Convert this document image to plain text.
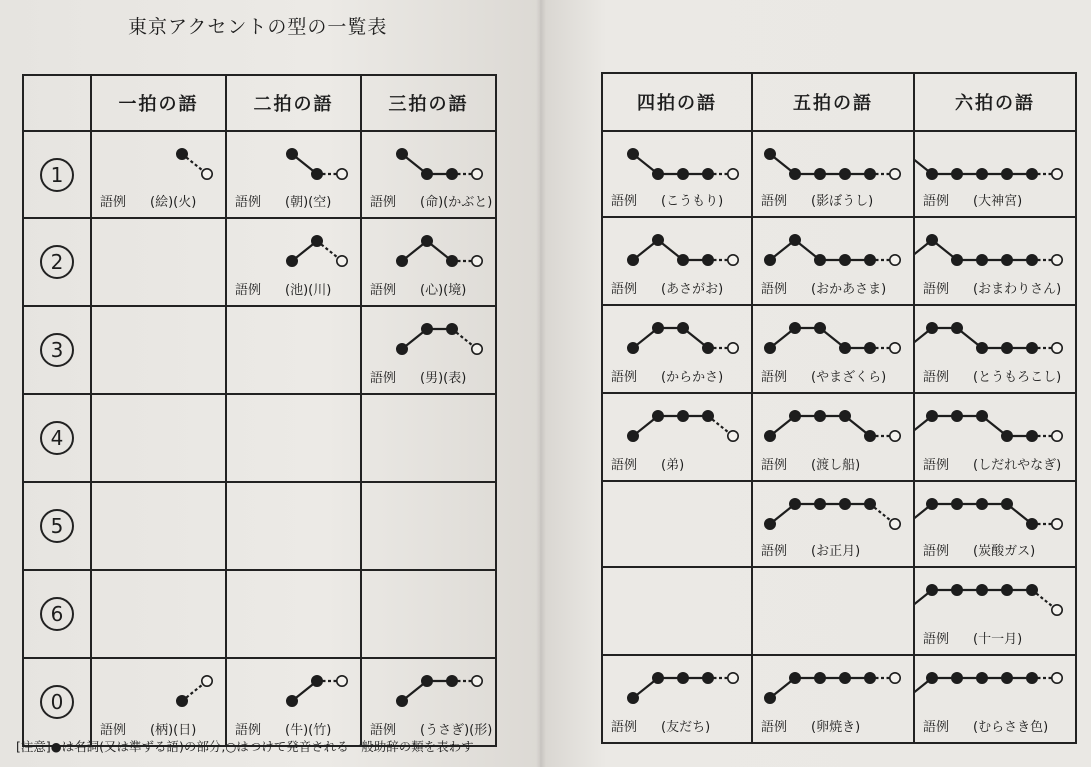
東京アクセントの型の一覧表
	一拍の語	二拍の語	三拍の語
1	語例 (絵)(火)	語例 (朝)(空)	語例 (命)(かぶと)

2		語例 (池)(川)	語例 (心)(境)

3			語例 (男)(表)

4	

5	

6	

0	語例 (柄)(日)	語例 (牛)(竹)	語例 (うさぎ)(形)
四拍の語	五拍の語	六拍の語

語例 (こうもり)	語例 (影ぼうし)	語例 (大神宮)

語例 (あさがお)	語例 (おかあさま)	語例 (おまわりさん)

語例 (からかさ)	語例 (やまざくら)	語例 (とうもろこし)

語例 (弟)	語例 (渡し船)	語例 (しだれやなぎ)

	語例 (お正月)	語例 (炭酸ガス)

		語例 (十一月)

語例 (友だち)	語例 (卵焼き)	語例 (むらさき色)
[注意]●は名詞(又は準ずる語)の部分,○はつけて発音される一般助辞の類を表わす
